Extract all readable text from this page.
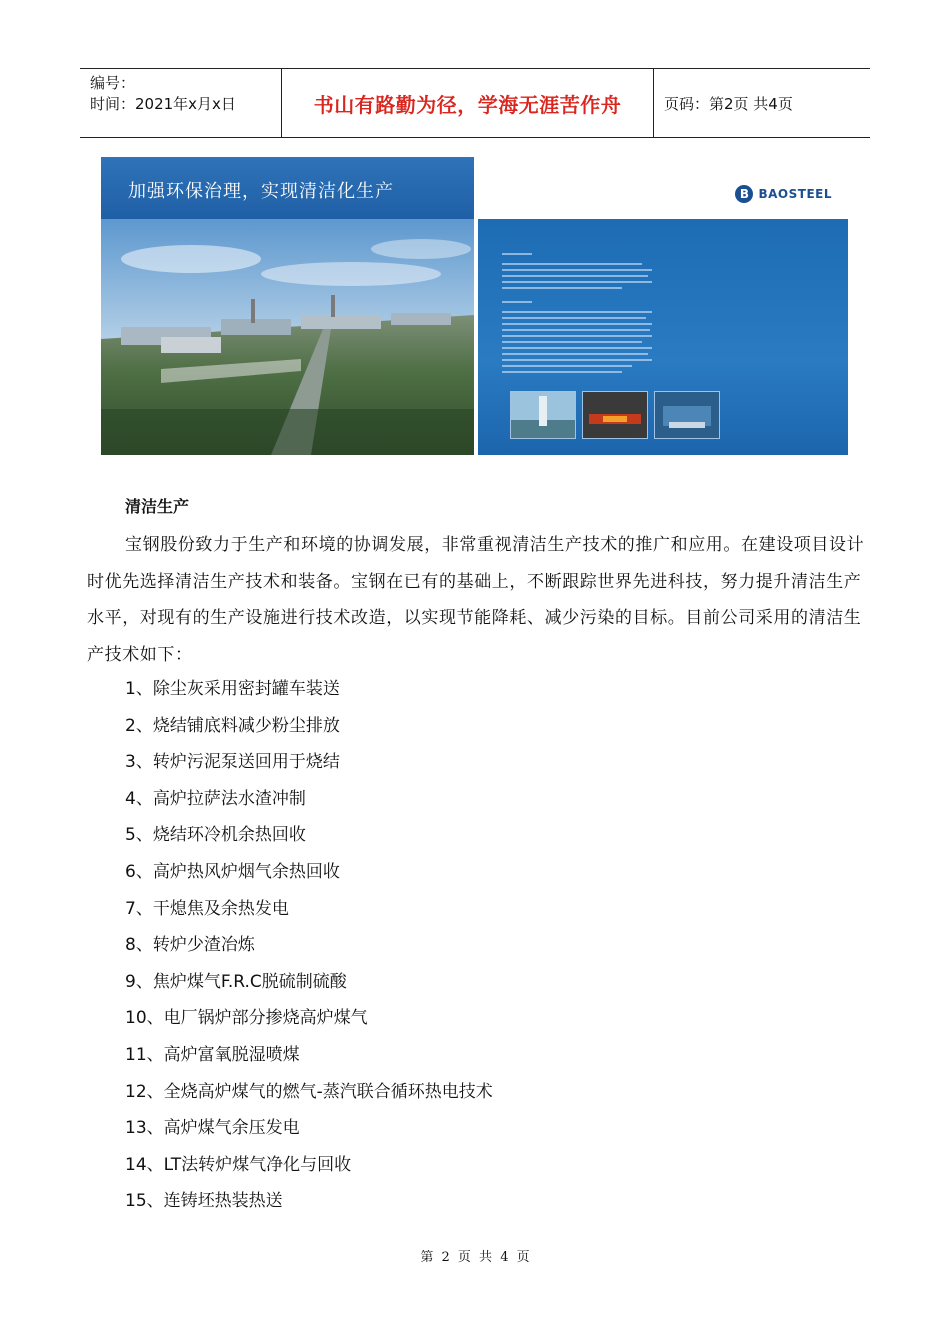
编号：
时间：2021年x月x日	书山有路勤为径，学海无涯苦作舟	页码：第2页 共4页
加强环保治理，实现清洁化生产	B BAOSTEEL
清洁生产

宝钢股份致力于生产和环境的协调发展，非常重视清洁生产技术的推广和应用。在建设项目设计时优先选择清洁生产技术和装备。宝钢在已有的基础上，不断跟踪世界先进科技，努力提升清洁生产水平，对现有的生产设施进行技术改造，以实现节能降耗、减少污染的目标。目前公司采用的清洁生产技术如下：

1、除尘灰采用密封罐车装送
2、烧结铺底料减少粉尘排放
3、转炉污泥泵送回用于烧结
4、高炉拉萨法水渣冲制
5、烧结环冷机余热回收
6、高炉热风炉烟气余热回收
7、干熄焦及余热发电
8、转炉少渣冶炼
9、焦炉煤气F.R.C脱硫制硫酸
10、电厂锅炉部分掺烧高炉煤气
11、高炉富氧脱湿喷煤
12、全烧高炉煤气的燃气-蒸汽联合循环热电技术
13、高炉煤气余压发电
14、LT法转炉煤气净化与回收
15、连铸坯热装热送
第 2 页 共 4 页
